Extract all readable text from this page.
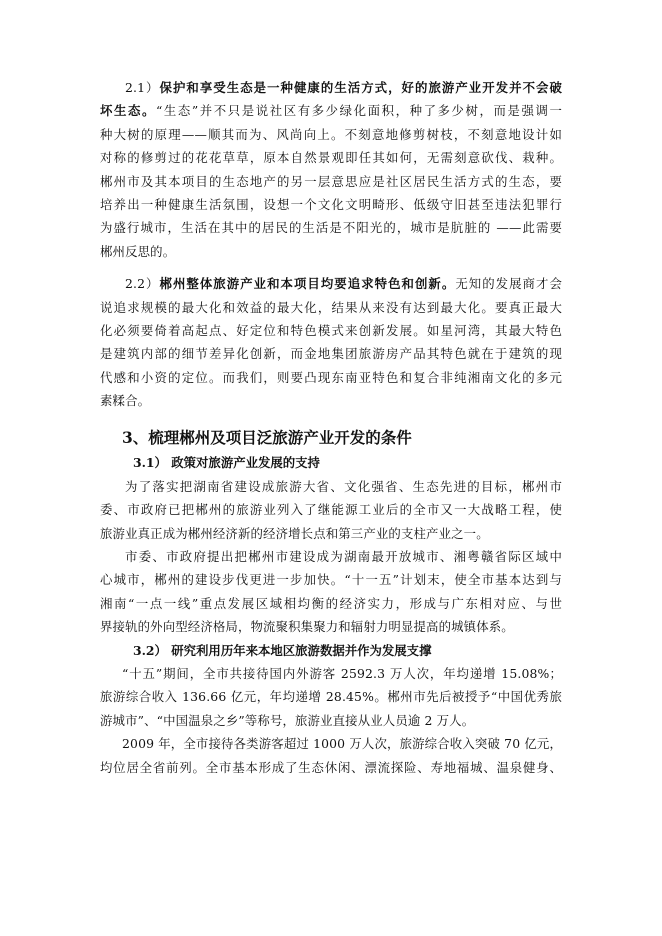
2.1）保护和享受生态是一种健康的生活方式，好的旅游产业开发并不会破
坏生态。“生态”并不只是说社区有多少绿化面积，种了多少树，而是强调一
种大树的原理——顺其而为、风尚向上。不刻意地修剪树枝，不刻意地设计如
对称的修剪过的花花草草，原本自然景观即任其如何，无需刻意砍伐、栽种。
郴州市及其本项目的生态地产的另一层意思应是社区居民生活方式的生态，要
培养出一种健康生活氛围，设想一个文化文明畸形、低级守旧甚至违法犯罪行
为盛行城市，生活在其中的居民的生活是不阳光的，城市是肮脏的 ——此需要
郴州反思的。
2.2）郴州整体旅游产业和本项目均要追求特色和创新。无知的发展商才会
说追求规模的最大化和效益的最大化，结果从来没有达到最大化。要真正最大
化必须要倚着高起点、好定位和特色模式来创新发展。如星河湾，其最大特色
是建筑内部的细节差异化创新，而金地集团旅游房产品其特色就在于建筑的现
代感和小资的定位。而我们，则要凸现东南亚特色和复合非纯湘南文化的多元
素糅合。
3、梳理郴州及项目泛旅游产业开发的条件
3.1） 政策对旅游产业发展的支持
为了落实把湖南省建设成旅游大省、文化强省、生态先进的目标，郴州市
委、市政府已把郴州的旅游业列入了继能源工业后的全市又一大战略工程，使
旅游业真正成为郴州经济新的经济增长点和第三产业的支柱产业之一。
市委、市政府提出把郴州市建设成为湖南最开放城市、湘粤赣省际区域中
心城市，郴州的建设步伐更进一步加快。“十一五”计划末，使全市基本达到与
湘南“一点一线”重点发展区域相均衡的经济实力，形成与广东相对应、与世
界接轨的外向型经济格局，物流聚积集聚力和辐射力明显提高的城镇体系。
3.2） 研究利用历年来本地区旅游数据并作为发展支撑
“十五”期间，全市共接待国内外游客 2592.3 万人次，年均递增 15.08%；
旅游综合收入 136.66 亿元，年均递增 28.45%。郴州市先后被授予“中国优秀旅
游城市”、“中国温泉之乡”等称号，旅游业直接从业人员逾 2 万人。
2009 年，全市接待各类游客超过 1000 万人次，旅游综合收入突破 70 亿元，
均位居全省前列。全市基本形成了生态休闲、漂流探险、寿地福城、温泉健身、
